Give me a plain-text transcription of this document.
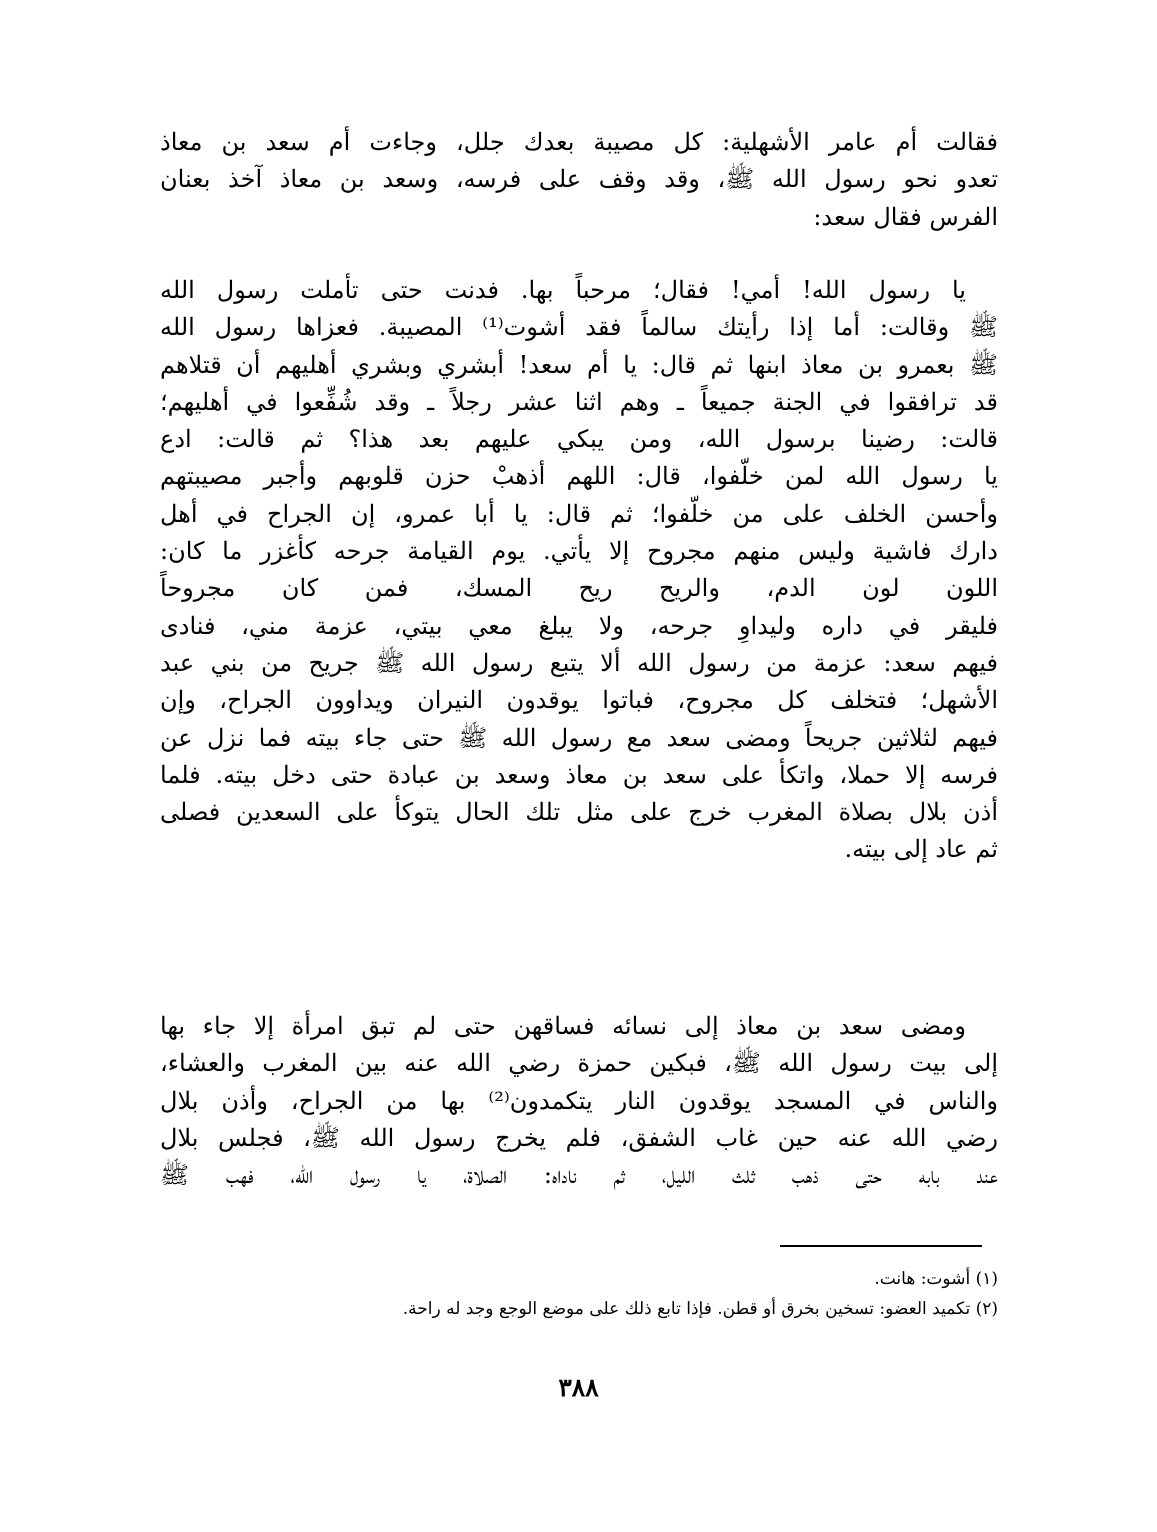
فقالت أم عامر الأشهلية: كل مصيبة بعدك جلل، وجاءت أم سعد بن معاذ
تعدو نحو رسول الله ﷺ، وقد وقف على فرسه، وسعد بن معاذ آخذ بعنان
الفرس فقال سعد:
يا رسول الله! أمي! فقال؛ مرحباً بها. فدنت حتى تأملت رسول الله
ﷺ وقالت: أما إذا رأيتك سالماً فقد أشوت⁽¹⁾ المصيبة. فعزاها رسول الله
ﷺ بعمرو بن معاذ ابنها ثم قال: يا أم سعد! أبشري وبشري أهليهم أن قتلاهم
قد ترافقوا في الجنة جميعاً ـ وهم اثنا عشر رجلاً ـ وقد شُفِّعوا في أهليهم؛
قالت: رضينا برسول الله، ومن يبكي عليهم بعد هذا؟ ثم قالت: ادع
يا رسول الله لمن خلّفوا، قال: اللهم أذهبْ حزن قلوبهم وأجبر مصيبتهم
وأحسن الخلف على من خلّفوا؛ ثم قال: يا أبا عمرو، إن الجراح في أهل
دارك فاشية وليس منهم مجروح إلا يأتي. يوم القيامة جرحه كأغزر ما كان:
اللون لون الدم، والريح ريح المسك، فمن كان مجروحاً
فليقر في داره وليداوِ جرحه، ولا يبلغ معي بيتي، عزمة مني، فنادى
فيهم سعد: عزمة من رسول الله ألا يتبع رسول الله ﷺ جريح من بني عبد
الأشهل؛ فتخلف كل مجروح، فباتوا يوقدون النيران ويداوون الجراح، وإن
فيهم لثلاثين جريحاً ومضى سعد مع رسول الله ﷺ حتى جاء بيته فما نزل عن
فرسه إلا حملا، واتكأ على سعد بن معاذ وسعد بن عبادة حتى دخل بيته. فلما
أذن بلال بصلاة المغرب خرج على مثل تلك الحال يتوكأ على السعدين فصلى
ثم عاد إلى بيته.
ومضى سعد بن معاذ إلى نسائه فساقهن حتى لم تبق امرأة إلا جاء بها
إلى بيت رسول الله ﷺ، فبكين حمزة رضي الله عنه بين المغرب والعشاء،
والناس في المسجد يوقدون النار يتكمدون⁽²⁾ بها من الجراح، وأذن بلال
رضي الله عنه حين غاب الشفق، فلم يخرج رسول الله ﷺ، فجلس بلال
عند بابه حتى ذهب ثلث الليل، ثم ناداه: الصلاة، يا رسول الله، فهب ﷺ
(١) أشوت: هانت.
(٢) تكميد العضو: تسخين بخرق أو قطن. فإذا تابع ذلك على موضع الوجع وجد له راحة.
٣٨٨
